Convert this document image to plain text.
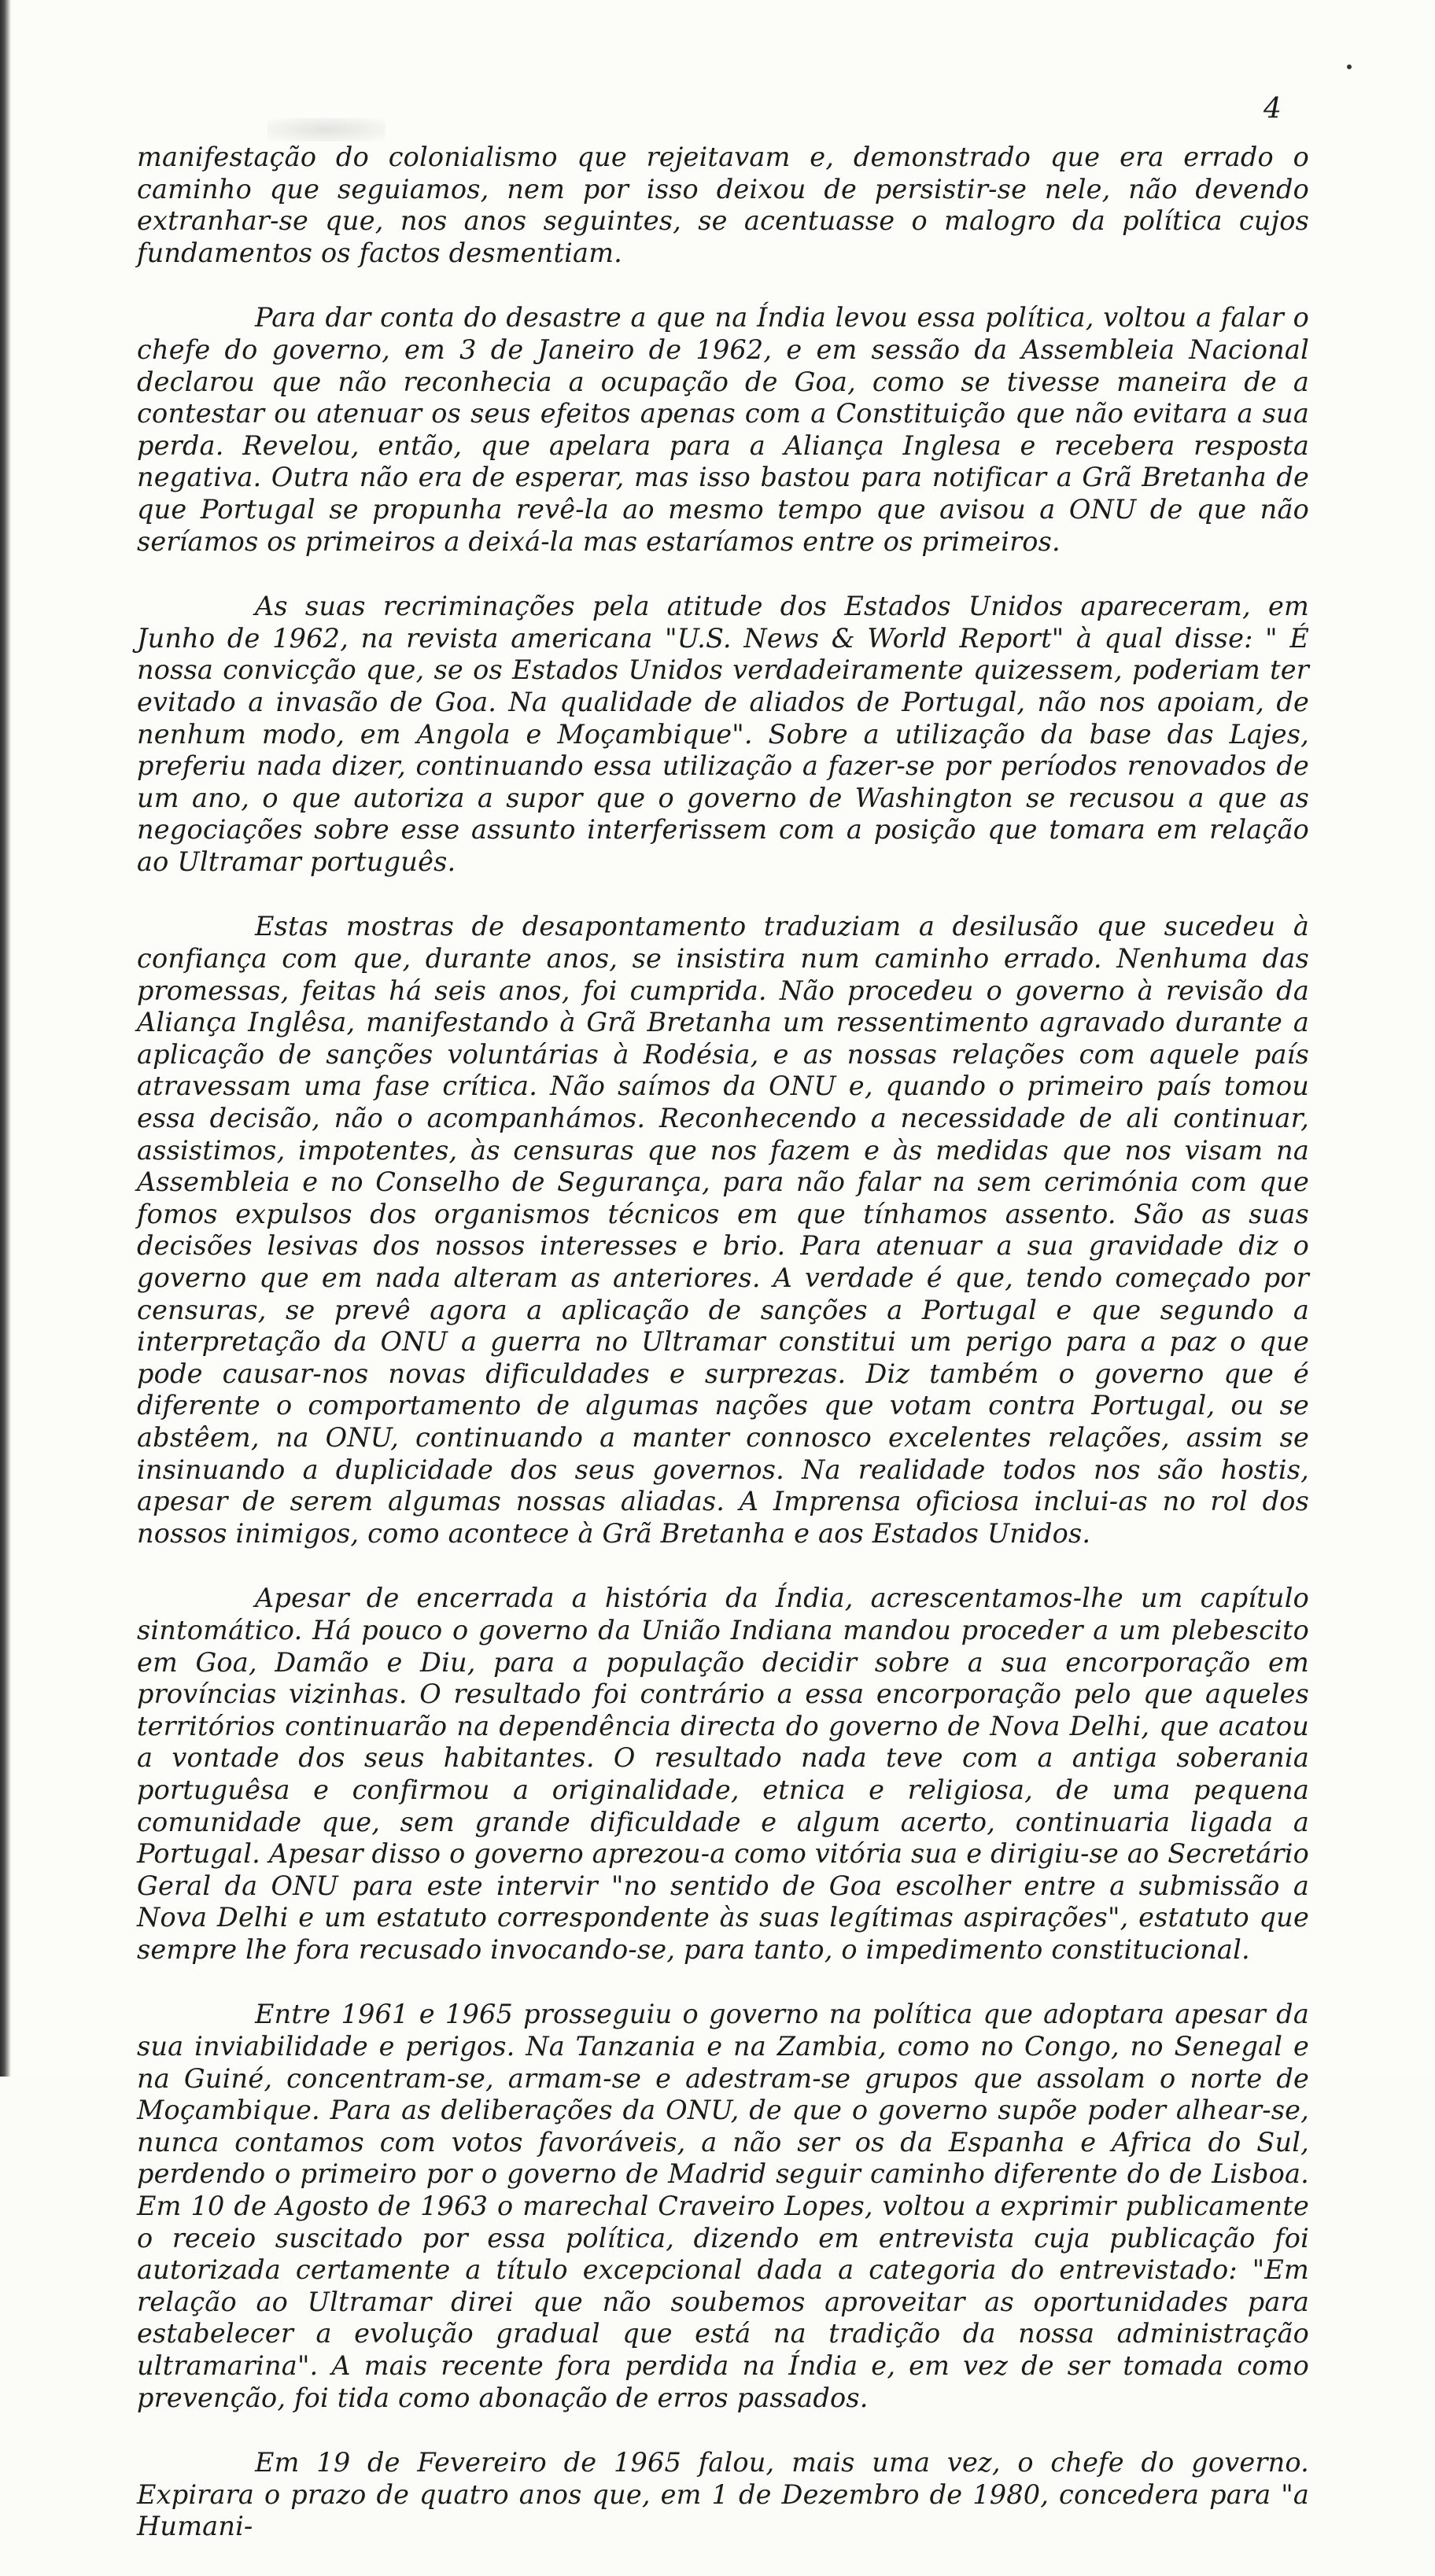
4

manifestação do colonialismo que rejeitavam e, demonstrado que era errado o caminho que seguiamos, nem por isso deixou de persistir-se nele, não devendo extranhar-se que, nos anos seguintes, se acentuasse o malogro da política cujos fundamentos os factos desmentiam.

Para dar conta do desastre a que na Índia levou essa política, voltou a falar o chefe do governo, em 3 de Janeiro de 1962, e em sessão da Assembleia Nacional declarou que não reconhecia a ocupação de Goa, como se tivesse maneira de a contestar ou atenuar os seus efeitos apenas com a Constituição que não evitara a sua perda. Revelou, então, que apelara para a Aliança Inglesa e recebera resposta negativa. Outra não era de esperar, mas isso bastou para notificar a Grã Bretanha de que Portugal se propunha revê-la ao mesmo tempo que avisou a ONU de que não seríamos os primeiros a deixá-la mas estaríamos entre os primeiros.

As suas recriminações pela atitude dos Estados Unidos apareceram, em Junho de 1962, na revista americana "U.S. News & World Report" à qual disse: " É nossa convicção que, se os Estados Unidos verdadeiramente quizessem, poderiam ter evitado a invasão de Goa. Na qualidade de aliados de Portugal, não nos apoiam, de nenhum modo, em Angola e Moçambique". Sobre a utilização da base das Lajes, preferiu nada dizer, continuando essa utilização a fazer-se por períodos renovados de um ano, o que autoriza a supor que o governo de Washington se recusou a que as negociações sobre esse assunto interferissem com a posição que tomara em relação ao Ultramar português.

Estas mostras de desapontamento traduziam a desilusão que sucedeu à confiança com que, durante anos, se insistira num caminho errado. Nenhuma das promessas, feitas há seis anos, foi cumprida. Não procedeu o governo à revisão da Aliança Inglêsa, manifestando à Grã Bretanha um ressentimento agravado durante a aplicação de sanções voluntárias à Rodésia, e as nossas relações com aquele país atravessam uma fase crítica. Não saímos da ONU e, quando o primeiro país tomou essa decisão, não o acompanhámos. Reconhecendo a necessidade de ali continuar, assistimos, impotentes, às censuras que nos fazem e às medidas que nos visam na Assembleia e no Conselho de Segurança, para não falar na sem cerimónia com que fomos expulsos dos organismos técnicos em que tínhamos assento. São as suas decisões lesivas dos nossos interesses e brio. Para atenuar a sua gravidade diz o governo que em nada alteram as anteriores. A verdade é que, tendo começado por censuras, se prevê agora a aplicação de sanções a Portugal e que segundo a interpretação da ONU a guerra no Ultramar constitui um perigo para a paz o que pode causar-nos novas dificuldades e surprezas. Diz também o governo que é diferente o comportamento de algumas nações que votam contra Portugal, ou se abstêem, na ONU, continuando a manter connosco excelentes relações, assim se insinuando a duplicidade dos seus governos. Na realidade todos nos são hostis, apesar de serem algumas nossas aliadas. A Imprensa oficiosa inclui-as no rol dos nossos inimigos, como acontece à Grã Bretanha e aos Estados Unidos.

Apesar de encerrada a história da Índia, acrescentamos-lhe um capítulo sintomático. Há pouco o governo da União Indiana mandou proceder a um plebescito em Goa, Damão e Diu, para a população decidir sobre a sua encorporação em províncias vizinhas. O resultado foi contrário a essa encorporação pelo que aqueles territórios continuarão na dependência directa do governo de Nova Delhi, que acatou a vontade dos seus habitantes. O resultado nada teve com a antiga soberania portuguêsa e confirmou a originalidade, etnica e religiosa, de uma pequena comunidade que, sem grande dificuldade e algum acerto, continuaria ligada a Portugal. Apesar disso o governo aprezou-a como vitória sua e dirigiu-se ao Secretário Geral da ONU para este intervir "no sentido de Goa escolher entre a submissão a Nova Delhi e um estatuto correspondente às suas legítimas aspirações", estatuto que sempre lhe fora recusado invocando-se, para tanto, o impedimento constitucional.

Entre 1961 e 1965 prosseguiu o governo na política que adoptara apesar da sua inviabilidade e perigos. Na Tanzania e na Zambia, como no Congo, no Senegal e na Guiné, concentram-se, armam-se e adestram-se grupos que assolam o norte de Moçambique. Para as deliberações da ONU, de que o governo supõe poder alhear-se, nunca contamos com votos favoráveis, a não ser os da Espanha e Africa do Sul, perdendo o primeiro por o governo de Madrid seguir caminho diferente do de Lisboa. Em 10 de Agosto de 1963 o marechal Craveiro Lopes, voltou a exprimir publicamente o receio suscitado por essa política, dizendo em entrevista cuja publicação foi autorizada certamente a título excepcional dada a categoria do entrevistado: "Em relação ao Ultramar direi que não soubemos aproveitar as oportunidades para estabelecer a evolução gradual que está na tradição da nossa administração ultramarina". A mais recente fora perdida na Índia e, em vez de ser tomada como prevenção, foi tida como abonação de erros passados.

Em 19 de Fevereiro de 1965 falou, mais uma vez, o chefe do governo. Expirara o prazo de quatro anos que, em 1 de Dezembro de 1980, concedera para "a Humani-
